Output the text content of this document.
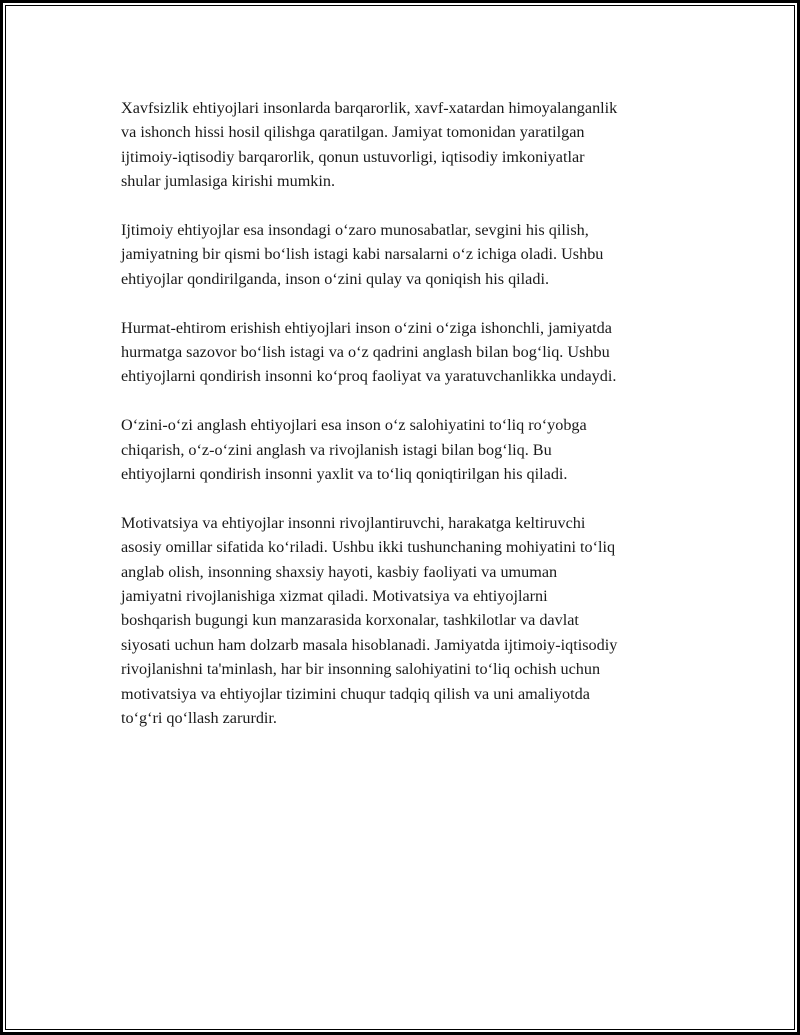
Xavfsizlik ehtiyojlari insonlarda barqarorlik, xavf-xatardan himoyalanganlik
va ishonch hissi hosil qilishga qaratilgan. Jamiyat tomonidan yaratilgan
ijtimoiy-iqtisodiy barqarorlik, qonun ustuvorligi, iqtisodiy imkoniyatlar
shular jumlasiga kirishi mumkin.

Ijtimoiy ehtiyojlar esa insondagi o‘zaro munosabatlar, sevgini his qilish,
jamiyatning bir qismi bo‘lish istagi kabi narsalarni o‘z ichiga oladi. Ushbu
ehtiyojlar qondirilganda, inson o‘zini qulay va qoniqish his qiladi.

Hurmat-ehtirom erishish ehtiyojlari inson o‘zini o‘ziga ishonchli, jamiyatda
hurmatga sazovor bo‘lish istagi va o‘z qadrini anglash bilan bog‘liq. Ushbu
ehtiyojlarni qondirish insonni ko‘proq faoliyat va yaratuvchanlikka undaydi.

O‘zini-o‘zi anglash ehtiyojlari esa inson o‘z salohiyatini to‘liq ro‘yobga
chiqarish, o‘z-o‘zini anglash va rivojlanish istagi bilan bog‘liq. Bu
ehtiyojlarni qondirish insonni yaxlit va to‘liq qoniqtirilgan his qiladi.

Motivatsiya va ehtiyojlar insonni rivojlantiruvchi, harakatga keltiruvchi
asosiy omillar sifatida ko‘riladi. Ushbu ikki tushunchaning mohiyatini to‘liq
anglab olish, insonning shaxsiy hayoti, kasbiy faoliyati va umuman
jamiyatni rivojlanishiga xizmat qiladi. Motivatsiya va ehtiyojlarni
boshqarish bugungi kun manzarasida korxonalar, tashkilotlar va davlat
siyosati uchun ham dolzarb masala hisoblanadi. Jamiyatda ijtimoiy-iqtisodiy
rivojlanishni ta'minlash, har bir insonning salohiyatini to‘liq ochish uchun
motivatsiya va ehtiyojlar tizimini chuqur tadqiq qilish va uni amaliyotda
to‘g‘ri qo‘llash zarurdir.
